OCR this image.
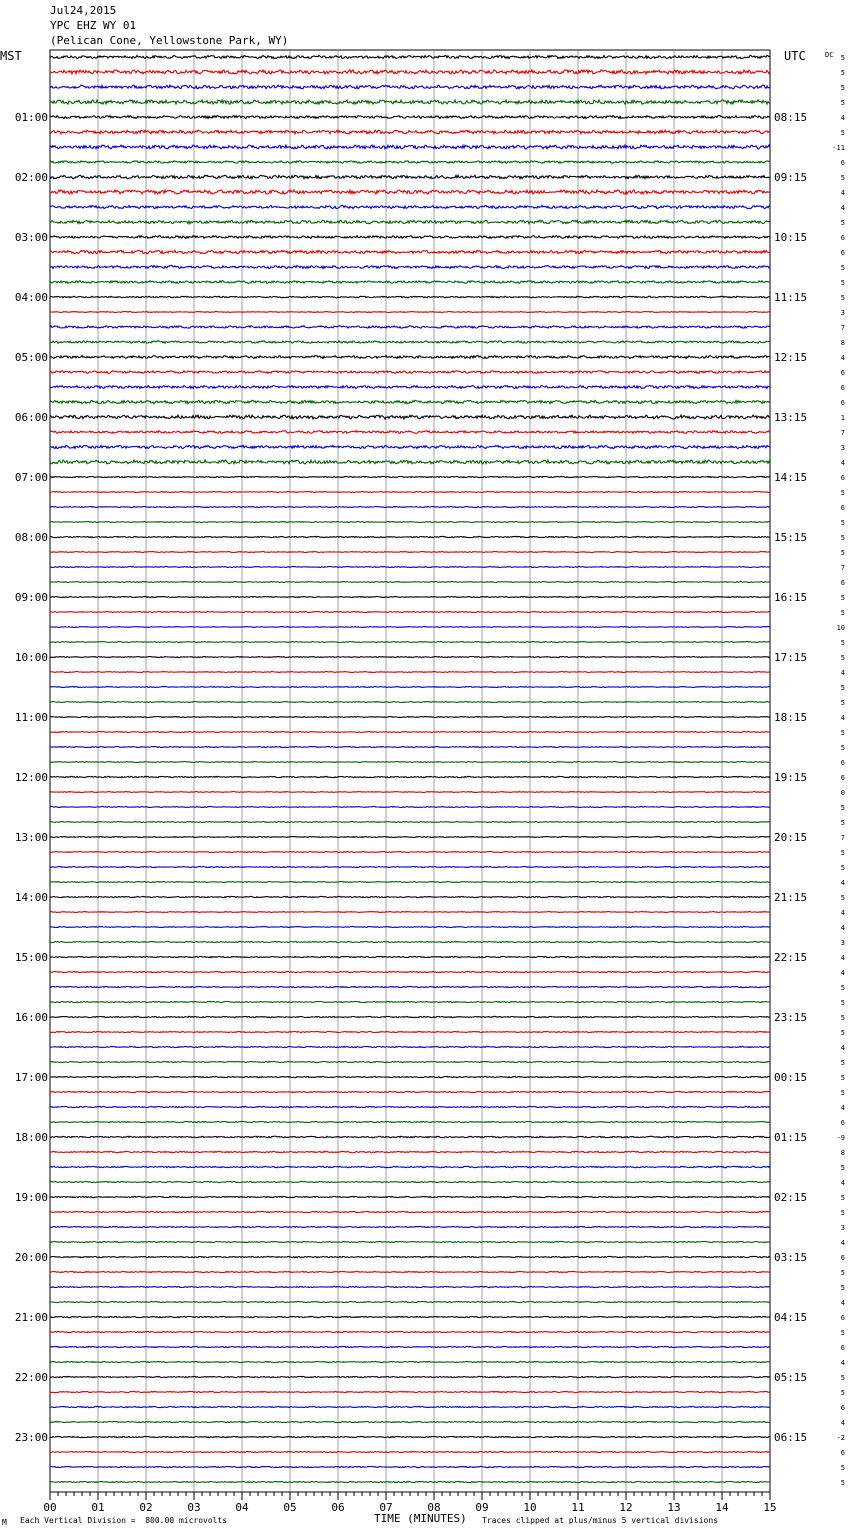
Jul24,2015
YPC EHZ WY 01
(Pelican Cone, Yellowstone Park, WY)
MST	UTC	DC
01:00
02:00
03:00
04:00
05:00
06:00
07:00
08:00
09:00
10:00
11:00
12:00
13:00
14:00
15:00
16:00
17:00
18:00
19:00
20:00
21:00
22:00
23:00
08:15
09:15
10:15
11:15
12:15
13:15
14:15
15:15
16:15
17:15
18:15
19:15
20:15
21:15
22:15
23:15
00:15
01:15
02:15
03:15
04:15
05:15
06:15
5
5
5
5
4
5
-11
6
5
4
4
5
6
6
5
5
5
3
7
8
4
6
6
6
1
7
3
4
6
5
6
5
5
5
7
6
5
5
10
5
5
4
5
5
4
5
5
6
6
0
5
5
7
5
5
4
5
4
4
3
4
4
5
5
5
5
4
5
5
5
4
6
-9
8
5
4
5
5
3
4
6
5
5
4
6
5
6
4
5
5
6
4
-2
6
5
5
00	01	02	03	04	05	06	07	08	09	10	11	12	13	14	15
M Each Vertical Division =  800.00 microvolts	TIME (MINUTES) Traces clipped at plus/minus 5 vertical divisions
